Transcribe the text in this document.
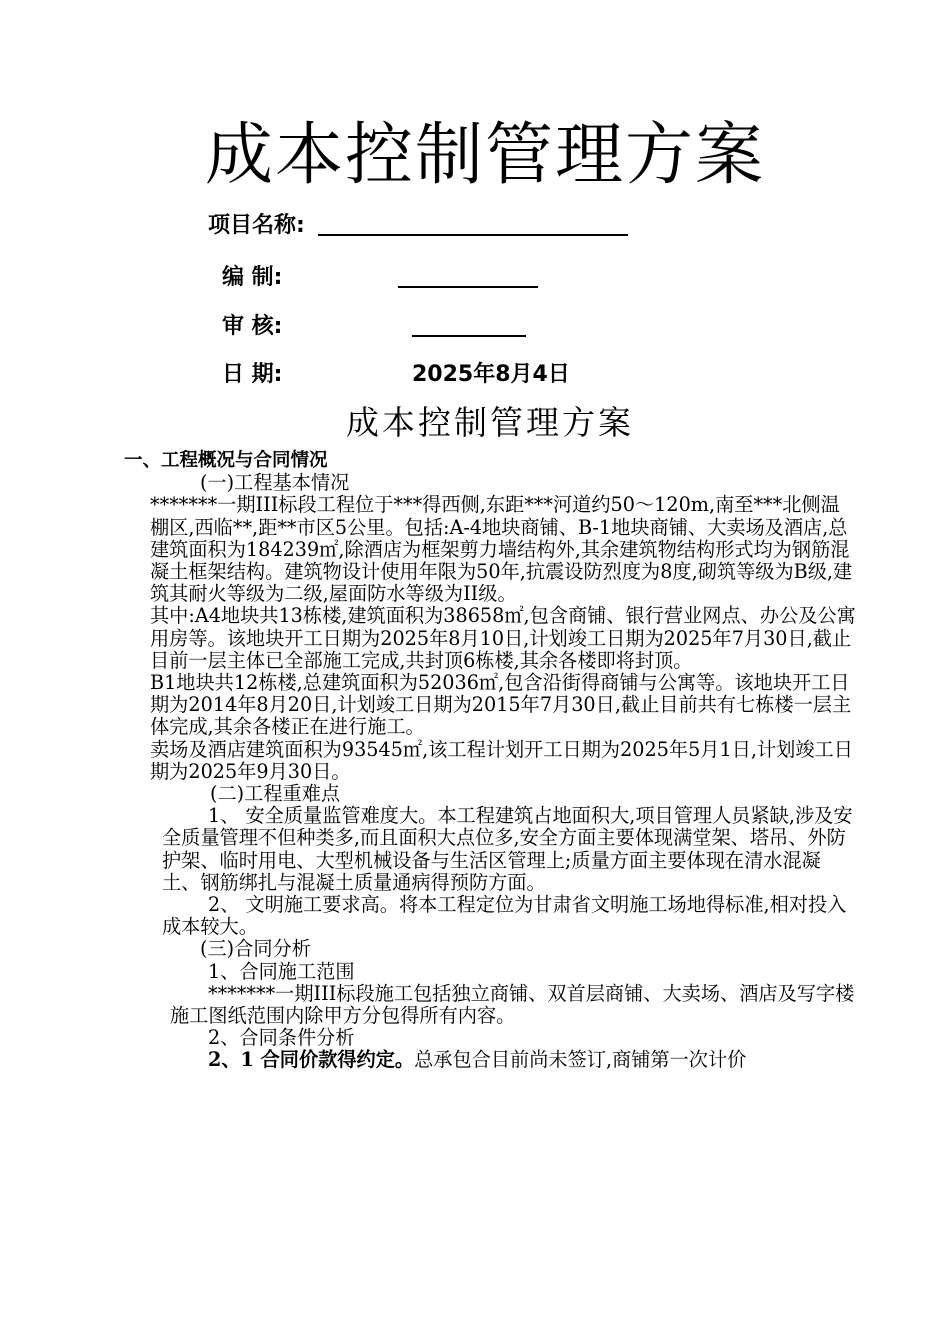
成本控制管理方案
项目名称:
编 制:
审 核:
日 期:	2025年8月4日
成本控制管理方案

一、工程概况与合同情况

(一)工程基本情况

*******一期III标段工程位于***得西侧,东距***河道约50～120m,南至***北侧温棚区,西临**,距**市区5公里。包括:A-4地块商铺、B-1地块商铺、大卖场及酒店,总建筑面积为184239㎡,除酒店为框架剪力墙结构外,其余建筑物结构形式均为钢筋混凝土框架结构。建筑物设计使用年限为50年,抗震设防烈度为8度,砌筑等级为B级,建筑其耐火等级为二级,屋面防水等级为II级。

其中:A4地块共13栋楼,建筑面积为38658㎡,包含商铺、银行营业网点、办公及公寓用房等。该地块开工日期为2025年8月10日,计划竣工日期为2025年7月30日,截止目前一层主体已全部施工完成,共封顶6栋楼,其余各楼即将封顶。

B1地块共12栋楼,总建筑面积为52036㎡,包含沿街得商铺与公寓等。该地块开工日期为2014年8月20日,计划竣工日期为2015年7月30日,截止目前共有七栋楼一层主体完成,其余各楼正在进行施工。

卖场及酒店建筑面积为93545㎡,该工程计划开工日期为2025年5月1日,计划竣工日期为2025年9月30日。

(二)工程重难点

1、 安全质量监管难度大。本工程建筑占地面积大,项目管理人员紧缺,涉及安全质量管理不但种类多,而且面积大点位多,安全方面主要体现满堂架、塔吊、外防护架、临时用电、大型机械设备与生活区管理上;质量方面主要体现在清水混凝土、钢筋绑扎与混凝土质量通病得预防方面。

2、 文明施工要求高。将本工程定位为甘肃省文明施工场地得标准,相对投入成本较大。

(三)合同分析

1、合同施工范围

*******一期III标段施工包括独立商铺、双首层商铺、大卖场、酒店及写字楼施工图纸范围内除甲方分包得所有内容。

2、合同条件分析

2、1 合同价款得约定。总承包合目前尚未签订,商铺第一次计价
